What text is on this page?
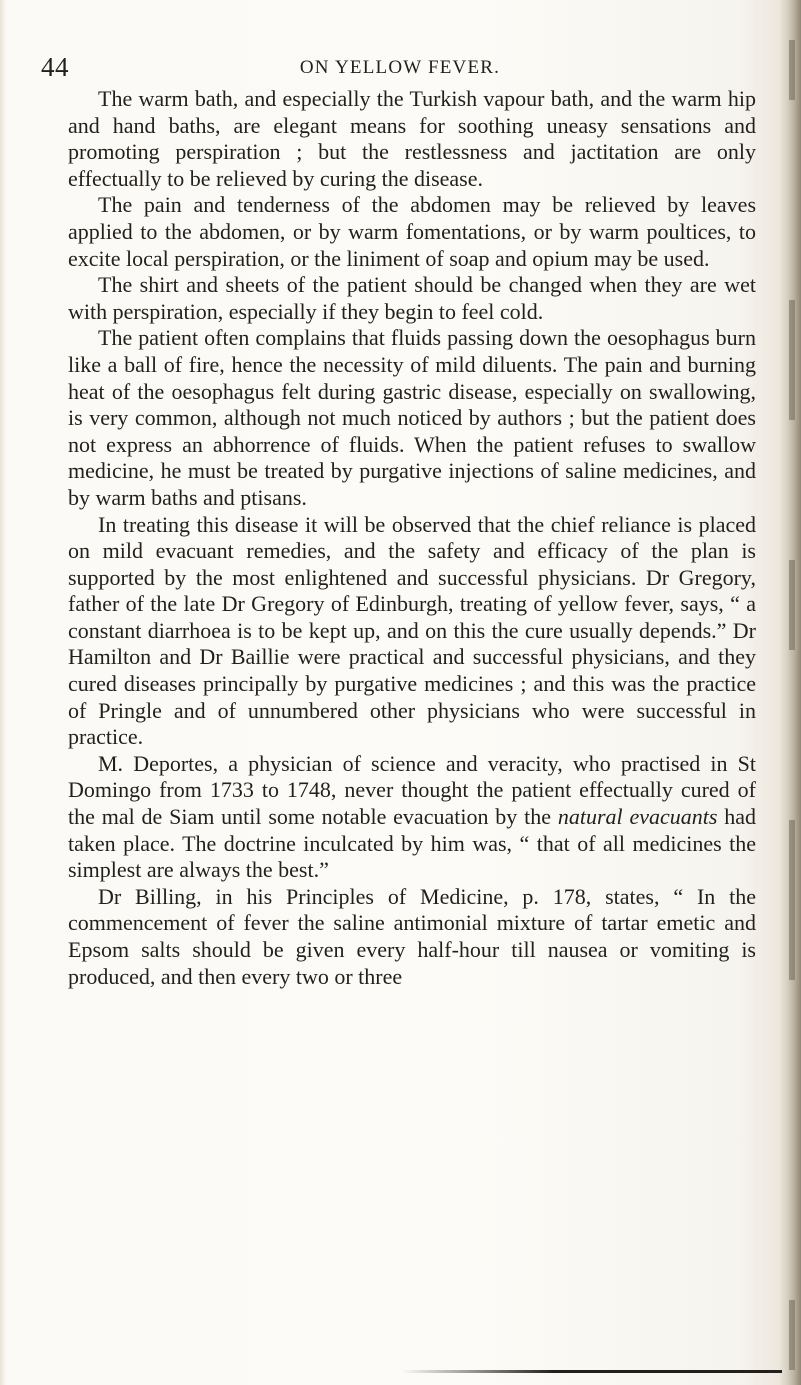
44	ON YELLOW FEVER.

The warm bath, and especially the Turkish vapour bath, and the warm hip and hand baths, are elegant means for soothing uneasy sensations and promoting perspiration ; but the restlessness and jactitation are only effectually to be relieved by curing the disease.

The pain and tenderness of the abdomen may be relieved by leaves applied to the abdomen, or by warm fomentations, or by warm poultices, to excite local perspiration, or the liniment of soap and opium may be used.

The shirt and sheets of the patient should be changed when they are wet with perspiration, especially if they begin to feel cold.

The patient often complains that fluids passing down the oesophagus burn like a ball of fire, hence the necessity of mild diluents. The pain and burning heat of the oesophagus felt during gastric disease, especially on swallowing, is very common, although not much noticed by authors ; but the patient does not express an abhorrence of fluids. When the patient refuses to swallow medicine, he must be treated by purgative injections of saline medicines, and by warm baths and ptisans.

In treating this disease it will be observed that the chief reliance is placed on mild evacuant remedies, and the safety and efficacy of the plan is supported by the most enlightened and successful physicians. Dr Gregory, father of the late Dr Gregory of Edinburgh, treating of yellow fever, says, “ a constant diarrhoea is to be kept up, and on this the cure usually depends.” Dr Hamilton and Dr Baillie were practical and successful physicians, and they cured diseases principally by purgative medicines ; and this was the practice of Pringle and of unnumbered other physicians who were successful in practice.

M. Deportes, a physician of science and veracity, who practised in St Domingo from 1733 to 1748, never thought the patient effectually cured of the mal de Siam until some notable evacuation by the natural evacuants had taken place. The doctrine inculcated by him was, “ that of all medicines the simplest are always the best.”

Dr Billing, in his Principles of Medicine, p. 178, states, “ In the commencement of fever the saline antimonial mixture of tartar emetic and Epsom salts should be given every half-hour till nausea or vomiting is produced, and then every two or three
